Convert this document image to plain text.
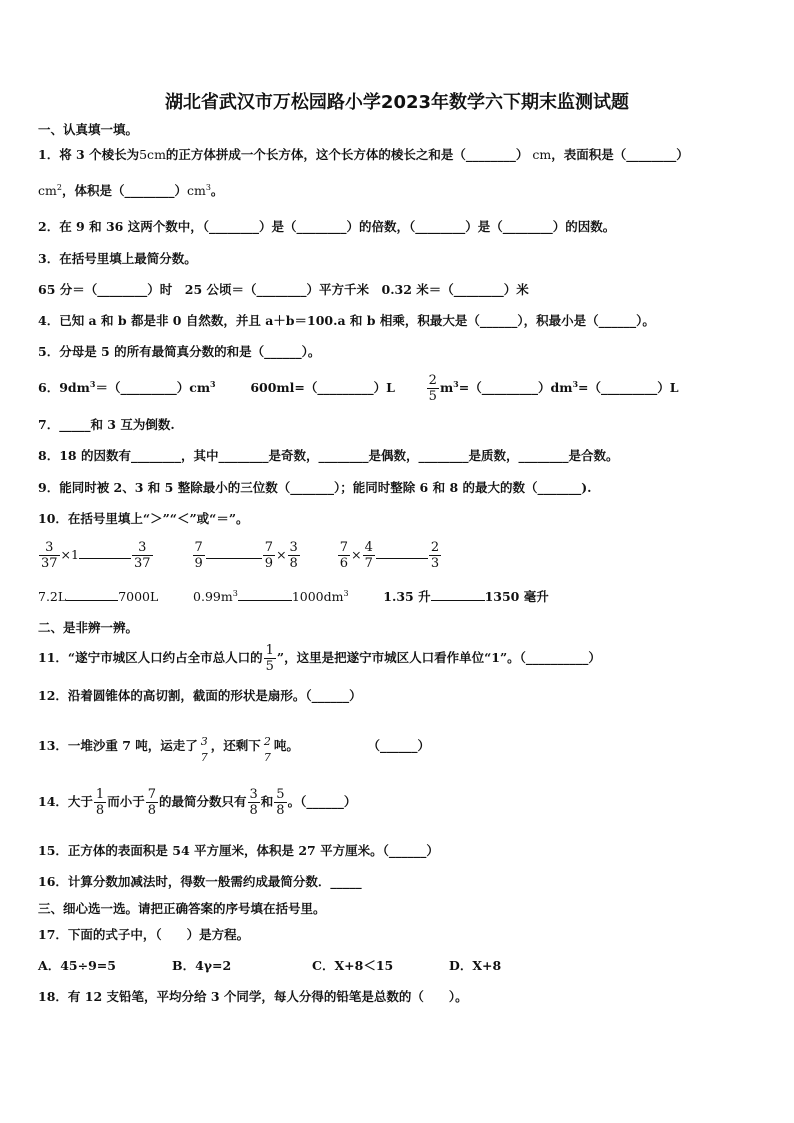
湖北省武汉市万松园路小学2023年数学六下期末监测试题
一、认真填一填。
1．将 3 个棱长为5cm的正方体拼成一个长方体，这个长方体的棱长之和是（________） cm，表面积是（________）
$cm^2$，体积是$(\_\_\_\_\_\_\_\_)cm^3$。
2．在 9 和 36 这两个数中，（________）是（________）的倍数，（________）是（________）的因数。
3．在括号里填上最简分数。
65 分＝（________）时　25 公顷＝（________）平方千米　0.32 米＝（________）米
4．已知 a 和 b 都是非 0 自然数，并且 a＋b＝100.a 和 b 相乘，积最大是（______），积最小是（______）。
5．分母是 5 的所有最简真分数的和是（______）。
6．$9dm^3=(\_\_\_\_\_\_\_\_\_)cm^3$	600ml=（_________）L $\frac{2}{5}$ $m^3=(\_\_\_\_\_\_\_\_\_)dm^3=(\_\_\_\_\_\_\_\_\_)L$
7．_____和 3 互为倒数.
8．18 的因数有________，其中________是奇数，________是偶数，________是质数，________是合数。
9．能同时被 2、3 和 5 整除最小的三位数（_______）；能同时整除 6 和 8 的最大的数（_______).
10．在括号里填上“＞”“＜”或“＝”。
$\frac{3}{37} \times 1$	$\frac{3}{37}$
	$\frac{7}{9}$	$\frac{7}{9} \times \frac{3}{8}$
	$\frac{7}{6} \times \frac{4}{7}$	$\frac{2}{3}$
7.2L	7000L	$0.99m^3$	$1000dm^3$	1.35 升	1350 毫升
二、是非辨一辨。
11．“遂宁市城区人口约占全市总人口的 $\frac{1}{5}$ ”，这里是把遂宁市城区人口看作单位“1”。（__________）
12．沿着圆锥体的高切割，截面的形状是扇形。（______）
13．一堆沙重 7 吨，运走了 3
7
，还剩下 2
7
吨。	（______）
14．大于 $\frac{1}{8}$ 而小于 $\frac{7}{8}$ 的最简分数只有 $\frac{3}{8}$ 和 $\frac{5}{8}$ 。（______）
15．正方体的表面积是 54 平方厘米，体积是 27 平方厘米。（______）
16．计算分数加减法时，得数一般需约成最简分数．_____
三、细心选一选。请把正确答案的序号填在括号里。
17．下面的式子中，（　　）是方程。
A．45÷9=5	B．4γ=2	C．X+8＜15	D．X+8
18．有 12 支铅笔，平均分给 3 个同学，每人分得的铅笔是总数的（　　）。
